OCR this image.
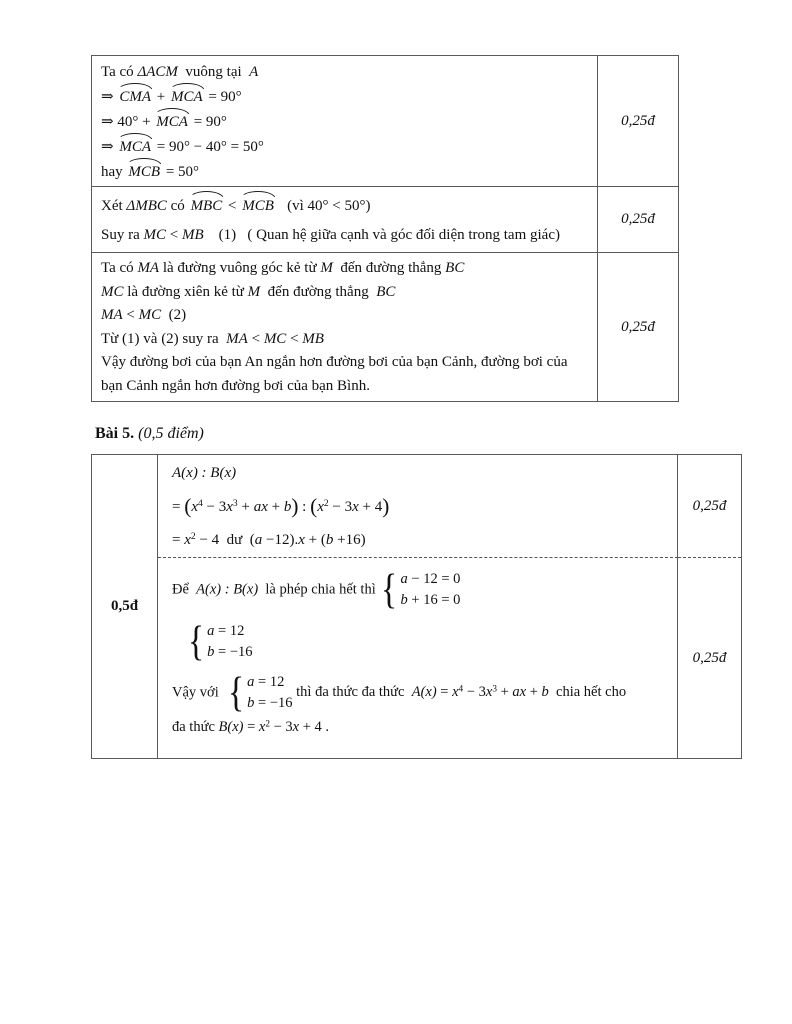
Ta có ΔACM  vuông tại  A
⇒ CMA + MCA = 90°
⇒ 40° + MCA = 90°
⇒ MCA = 90° − 40° = 50°
hay MCB = 50°
0,25đ
Xét ΔMBC có MBC < MCB   (vì 40° < 50°)
Suy ra MC < MB    (1)   ( Quan hệ giữa cạnh và góc đối diện trong tam giác)
0,25đ
Ta có MA là đường vuông góc kẻ từ M  đến đường thẳng BC
MC là đường xiên kẻ từ M  đến đường thẳng  BC
MA < MC  (2)
Từ (1) và (2) suy ra  MA < MC < MB
Vậy đường bơi của bạn An ngắn hơn đường bơi của bạn Cảnh, đường bơi của bạn Cảnh ngắn hơn đường bơi của bạn Bình.
0,25đ
Bài 5. (0,5 điểm)
0,5đ
A(x) : B(x)
= ($x^4 - 3x^3$ + ax + b) : $(x^2 - 3x + 4)$
= $x^2 - 4$  dư  (a −12).x + (b +16)
0,25đ
Để  A(x) : B(x)  là phép chia hết thì { a − 12 = 0
b + 16 = 0
{ a = 12
b = −16
Vậy với { a = 12
b = −16
thì đa thức đa thức  $A(x) = x^4 - 3x^3$ + ax + b  chia hết cho
đa thức $B(x) = x^2 - 3x + 4$ .
0,25đ
